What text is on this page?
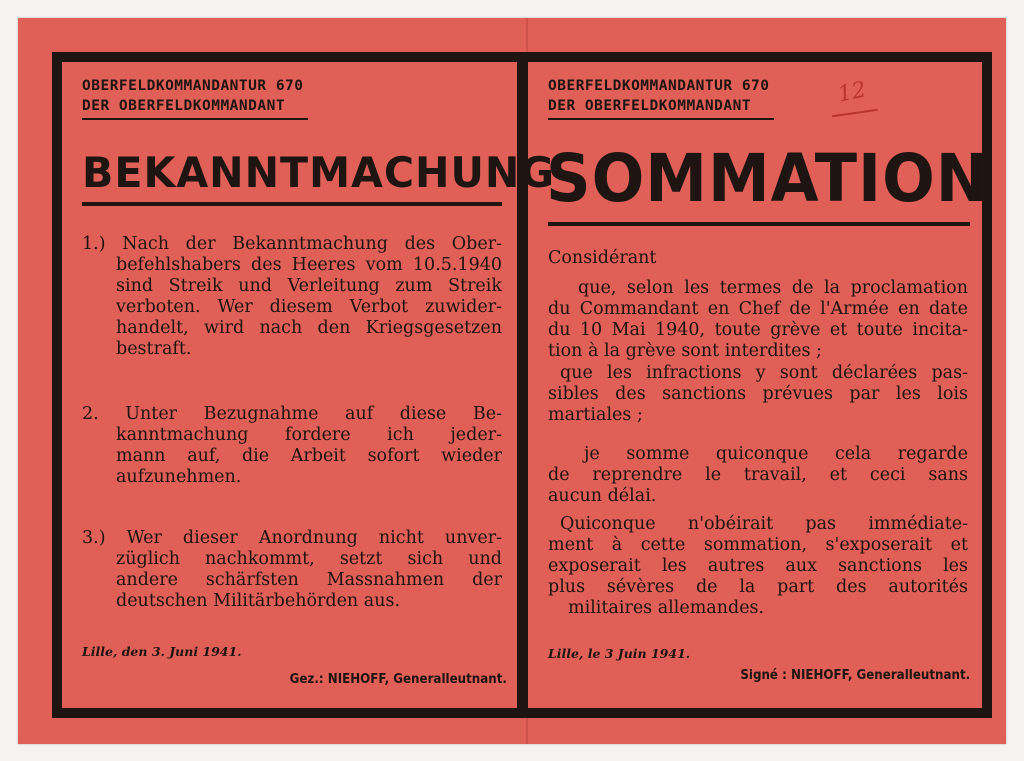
OBERFELDKOMMANDANTUR 670
DER OBERFELDKOMMANDANT
BEKANNTMACHUNG
1.) Nach der Bekanntmachung des Ober-
befehlshabers des Heeres vom 10.5.1940
sind Streik und Verleitung zum Streik
verboten. Wer diesem Verbot zuwider-
handelt, wird nach den Kriegsgesetzen
bestraft.
2. Unter Bezugnahme auf diese Be-
kanntmachung fordere ich jeder-
mann auf, die Arbeit sofort wieder
aufzunehmen.
3.) Wer dieser Anordnung nicht unver-
züglich nachkommt, setzt sich und
andere schärfsten Massnahmen der
deutschen Militärbehörden aus.
Lille, den 3. Juni 1941.
Gez.: NIEHOFF, Generalleutnant.
OBERFELDKOMMANDANTUR 670
DER OBERFELDKOMMANDANT
SOMMATION
Considérant
que, selon les termes de la proclamation
du Commandant en Chef de l'Armée en date
du 10 Mai 1940, toute grève et toute incita-
tion à la grève sont interdites ;
que les infractions y sont déclarées pas-
sibles des sanctions prévues par les lois
martiales ;
je somme quiconque cela regarde
de reprendre le travail, et ceci sans
aucun délai.
Quiconque n'obéirait pas immédiate-
ment à cette sommation, s'exposerait et
exposerait les autres aux sanctions les
plus sévères de la part des autorités
militaires allemandes.
Lille, le 3 Juin 1941.
Signé : NIEHOFF, Generalleutnant.
12
